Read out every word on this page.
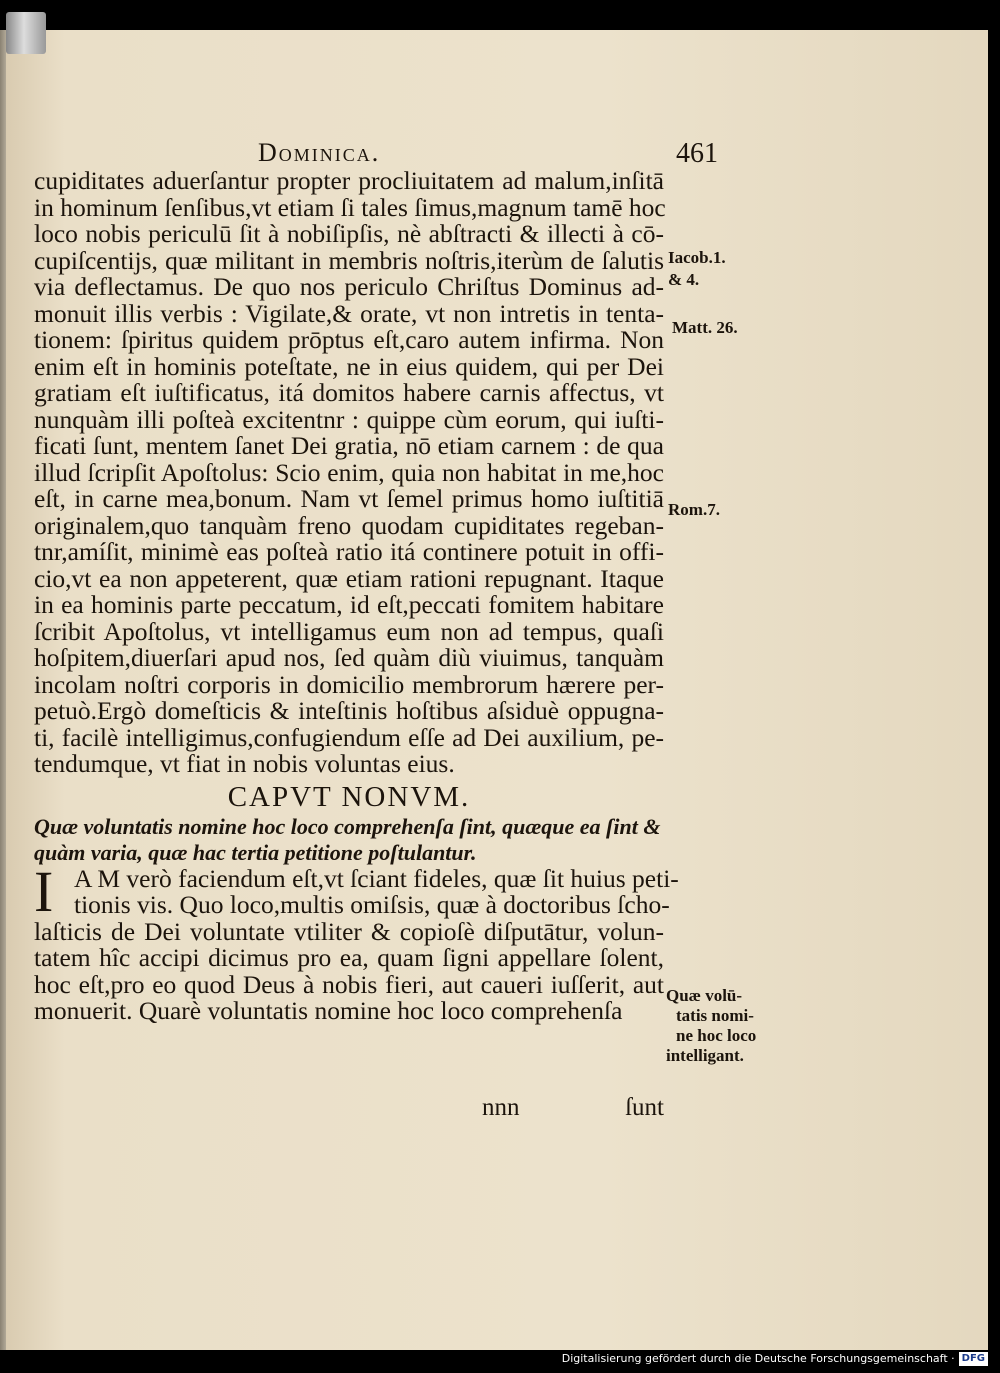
Dominica.	461
cupiditates aduerſantur propter procliuitatem ad malum,inſitā
in hominum ſenſibus,vt etiam ſi tales ſimus,magnum tamē hoc
loco nobis periculū ſit à nobiſipſis, nè abſtracti & illecti à cō-
cupiſcentijs, quæ militant in membris noſtris,iterùm de ſalutis
via deflectamus. De quo nos periculo Chriſtus Dominus ad-
monuit illis verbis : Vigilate,& orate, vt non intretis in tenta-
tionem: ſpiritus quidem prōptus eſt,caro autem infirma. Non
enim eſt in hominis poteſtate, ne in eius quidem, qui per Dei
gratiam eſt iuſtificatus, itá domitos habere carnis affectus, vt
nunquàm illi poſteà excitentnr : quippe cùm eorum, qui iuſti-
ficati ſunt, mentem ſanet Dei gratia, nō etiam carnem : de qua
illud ſcripſit Apoſtolus: Scio enim, quia non habitat in me,hoc
eſt, in carne mea,bonum. Nam vt ſemel primus homo iuſtitiā
originalem,quo tanquàm freno quodam cupiditates regeban-
tnr,amíſit, minimè eas poſteà ratio itá continere potuit in offi-
cio,vt ea non appeterent, quæ etiam rationi repugnant. Itaque
in ea hominis parte peccatum, id eſt,peccati fomitem habitare
ſcribit Apoſtolus, vt intelligamus eum non ad tempus, quaſi
hoſpitem,diuerſari apud nos, ſed quàm diù viuimus, tanquàm
incolam noſtri corporis in domicilio membrorum hærere per-
petuò.Ergò domeſticis & inteſtinis hoſtibus aſsiduè oppugna-
ti, facilè intelligimus,confugiendum eſſe ad Dei auxilium, pe-
tendumque, vt fiat in nobis voluntas eius.
CAPVT NONVM.
Quæ voluntatis nomine hoc loco comprehenſa ſint, quæque ea ſint &
quàm varia, quæ hac tertia petitione poſtulantur.
I A M verò faciendum eſt,vt ſciant fideles, quæ ſit huius peti-
tionis vis. Quo loco,multis omiſsis, quæ à doctoribus ſcho-
laſticis de Dei voluntate vtiliter & copioſè diſputātur, volun-
tatem hîc accipi dicimus pro ea, quam ſigni appellare ſolent,
hoc eſt,pro eo quod Deus à nobis fieri, aut caueri iuſſerit, aut
monuerit. Quarè voluntatis nomine hoc loco comprehenſa
nnn	ſunt
Iacob.1.
& 4.
Matt. 26.
Rom.7.
Quæ volū-
tatis nomi-
ne hoc loco
intelligant.
Digitalisierung gefördert durch die Deutsche Forschungsgemeinschaft · DFG
